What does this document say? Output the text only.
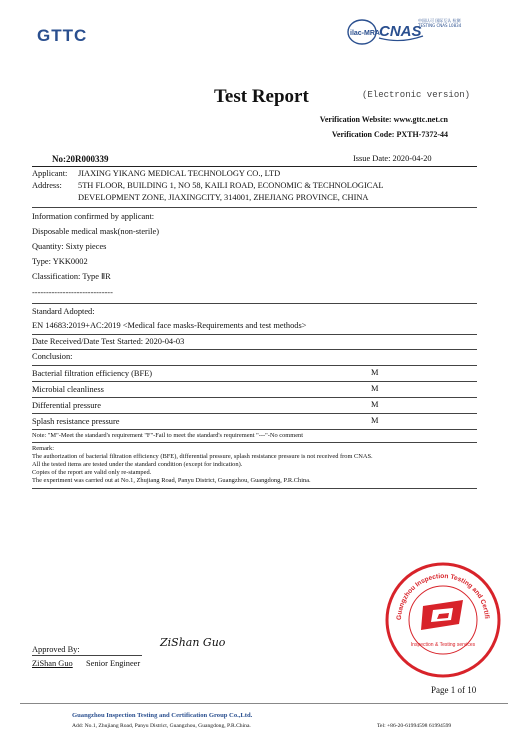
GTTC	ilac-MRA CNAS
中国认可 国际互认 检测 TESTING CNAS L0834
Test Report	(Electronic version)
Verification Website: www.gttc.net.cn
Verification Code: PXTH-7372-44
No:20R000339	Issue Date: 2020-04-20
Applicant: JIAXING YIKANG MEDICAL TECHNOLOGY CO., LTD
Address: 5TH FLOOR, BUILDING 1, NO 58, KAILI ROAD, ECONOMIC & TECHNOLOGICAL
DEVELOPMENT ZONE, JIAXINGCITY, 314001, ZHEJIANG PROVINCE, CHINA
Information confirmed by applicant:
Disposable medical mask(non-sterile)
Quantity: Sixty pieces
Type: YKK0002
Classification: Type ⅡR
-----------------------------
Standard Adopted:
EN 14683:2019+AC:2019 <Medical face masks-Requirements and test methods>
Date Received/Date Test Started: 2020-04-03
Conclusion:
Bacterial filtration efficiency (BFE)	M
Microbial cleanliness	M
Differential pressure	M
Splash resistance pressure	M
Note: "M"-Meet the standard's requirement "F"-Fail to meet the standard's requirement "---"-No comment
Remark:
The authorization of bacterial filtration efficiency (BFE), differential pressure, splash resistance pressure is not received from CNAS.
All the tested items are tested under the standard condition (except for indication).
Copies of the report are valid only re-stamped.
The experiment was carried out at No.1, Zhujiang Road, Panyu District, Guangzhou, Guangdong, P.R.China.
Guangzhou Inspection Testing and Certifi
Inspection & Testing services
Approved By:
ZiShan Guo
ZiShan Guo Senior Engineer
Page 1 of 10
Guangzhou Inspection Testing and Certification Group Co.,Ltd.
Add: No.1, Zhujiang Road, Panyu District, Guangzhou, Guangdong, P.R.China.	Tel: +86-20-61994598 61994599
